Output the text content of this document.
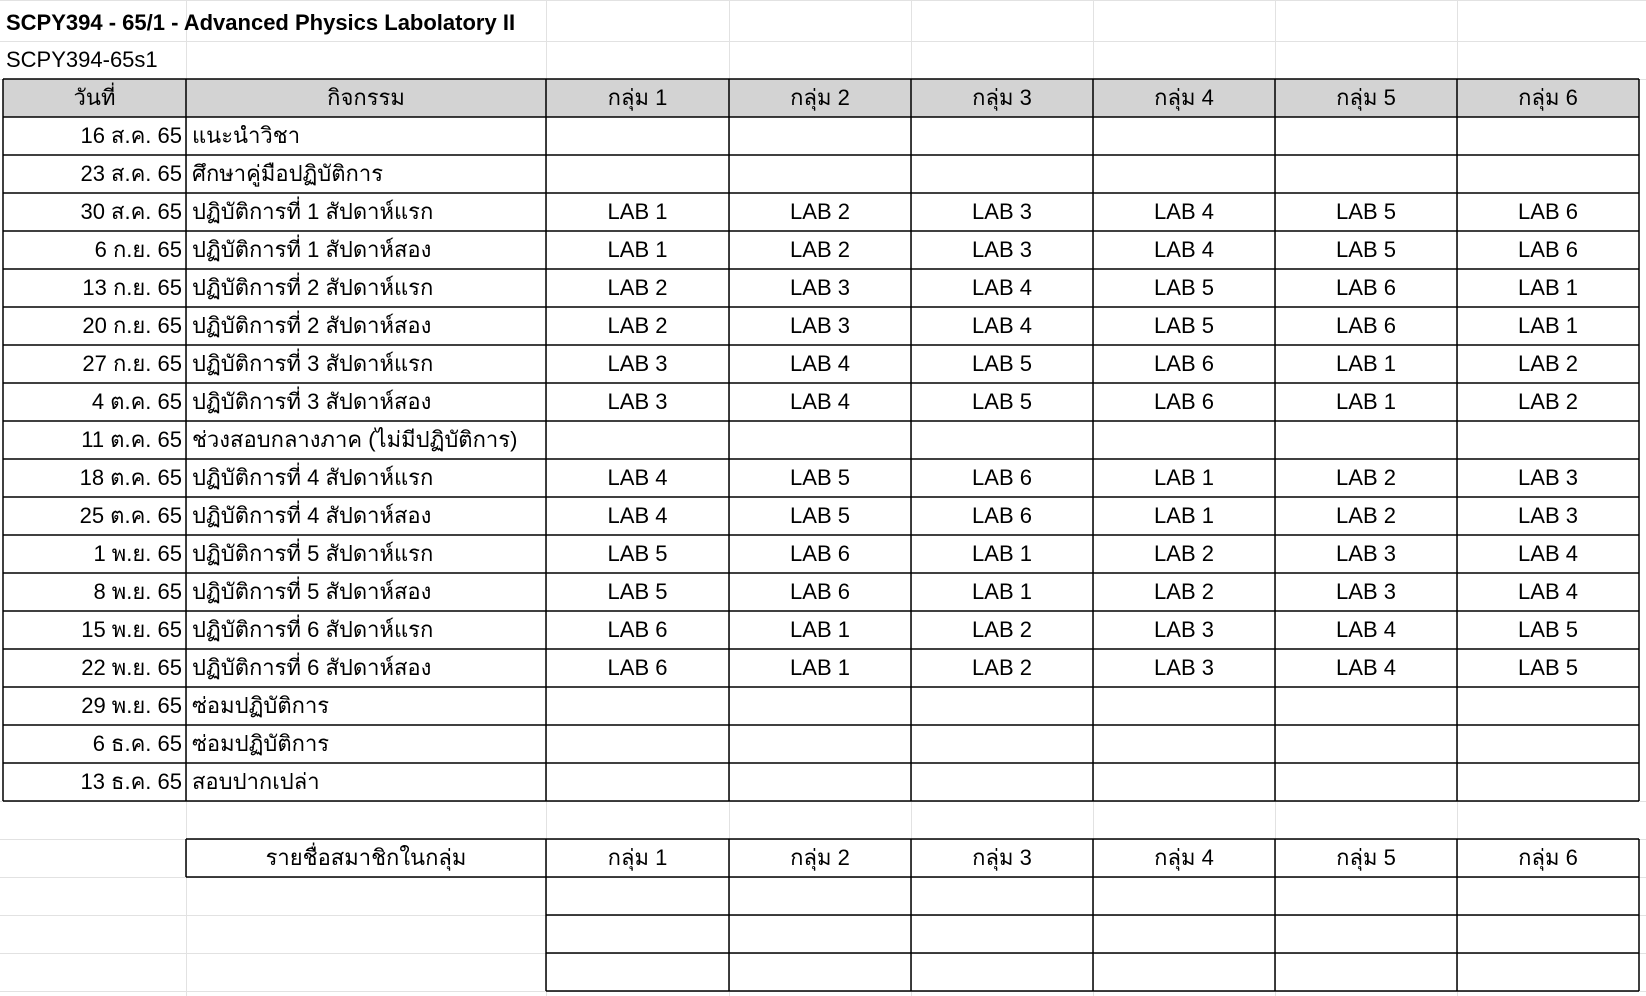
SCPY394 - 65/1 - Advanced Physics Labolatory II
SCPY394-65s1
วันที่	กิจกรรม	กลุ่ม 1	กลุ่ม 2	กลุ่ม 3	กลุ่ม 4	กลุ่ม 5	กลุ่ม 6
16 ส.ค. 65 แนะนำวิชา
23 ส.ค. 65 ศึกษาคู่มือปฏิบัติการ
30 ส.ค. 65 ปฏิบัติการที่ 1 สัปดาห์แรก	LAB 1	LAB 2	LAB 3	LAB 4	LAB 5	LAB 6
6 ก.ย. 65 ปฏิบัติการที่ 1 สัปดาห์สอง	LAB 1	LAB 2	LAB 3	LAB 4	LAB 5	LAB 6
13 ก.ย. 65 ปฏิบัติการที่ 2 สัปดาห์แรก	LAB 2	LAB 3	LAB 4	LAB 5	LAB 6	LAB 1
20 ก.ย. 65 ปฏิบัติการที่ 2 สัปดาห์สอง	LAB 2	LAB 3	LAB 4	LAB 5	LAB 6	LAB 1
27 ก.ย. 65 ปฏิบัติการที่ 3 สัปดาห์แรก	LAB 3	LAB 4	LAB 5	LAB 6	LAB 1	LAB 2
4 ต.ค. 65 ปฏิบัติการที่ 3 สัปดาห์สอง	LAB 3	LAB 4	LAB 5	LAB 6	LAB 1	LAB 2
11 ต.ค. 65 ช่วงสอบกลางภาค (ไม่มีปฏิบัติการ)
18 ต.ค. 65 ปฏิบัติการที่ 4 สัปดาห์แรก	LAB 4	LAB 5	LAB 6	LAB 1	LAB 2	LAB 3
25 ต.ค. 65 ปฏิบัติการที่ 4 สัปดาห์สอง	LAB 4	LAB 5	LAB 6	LAB 1	LAB 2	LAB 3
1 พ.ย. 65 ปฏิบัติการที่ 5 สัปดาห์แรก	LAB 5	LAB 6	LAB 1	LAB 2	LAB 3	LAB 4
8 พ.ย. 65 ปฏิบัติการที่ 5 สัปดาห์สอง	LAB 5	LAB 6	LAB 1	LAB 2	LAB 3	LAB 4
15 พ.ย. 65 ปฏิบัติการที่ 6 สัปดาห์แรก	LAB 6	LAB 1	LAB 2	LAB 3	LAB 4	LAB 5
22 พ.ย. 65 ปฏิบัติการที่ 6 สัปดาห์สอง	LAB 6	LAB 1	LAB 2	LAB 3	LAB 4	LAB 5
29 พ.ย. 65 ซ่อมปฏิบัติการ
6 ธ.ค. 65 ซ่อมปฏิบัติการ
13 ธ.ค. 65 สอบปากเปล่า
รายชื่อสมาชิกในกลุ่ม	กลุ่ม 1	กลุ่ม 2	กลุ่ม 3	กลุ่ม 4	กลุ่ม 5	กลุ่ม 6
